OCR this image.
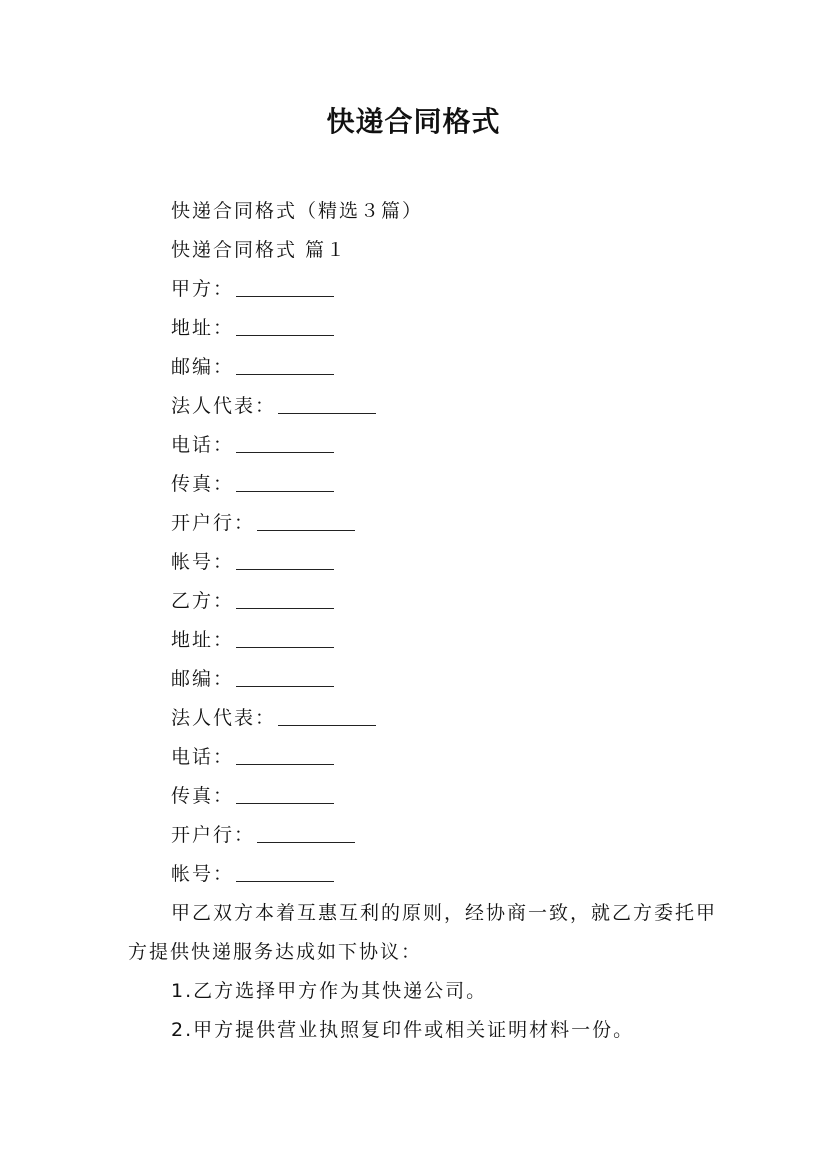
快递合同格式
快递合同格式（精选３篇）
快递合同格式 篇１
甲方：
地址：
邮编：
法人代表：
电话：
传真：
开户行：
帐号：
乙方：
地址：
邮编：
法人代表：
电话：
传真：
开户行：
帐号：
甲乙双方本着互惠互利的原则，经协商一致，就乙方委托甲方提供快递服务达成如下协议：
1.乙方选择甲方作为其快递公司。
2.甲方提供营业执照复印件或相关证明材料一份。
